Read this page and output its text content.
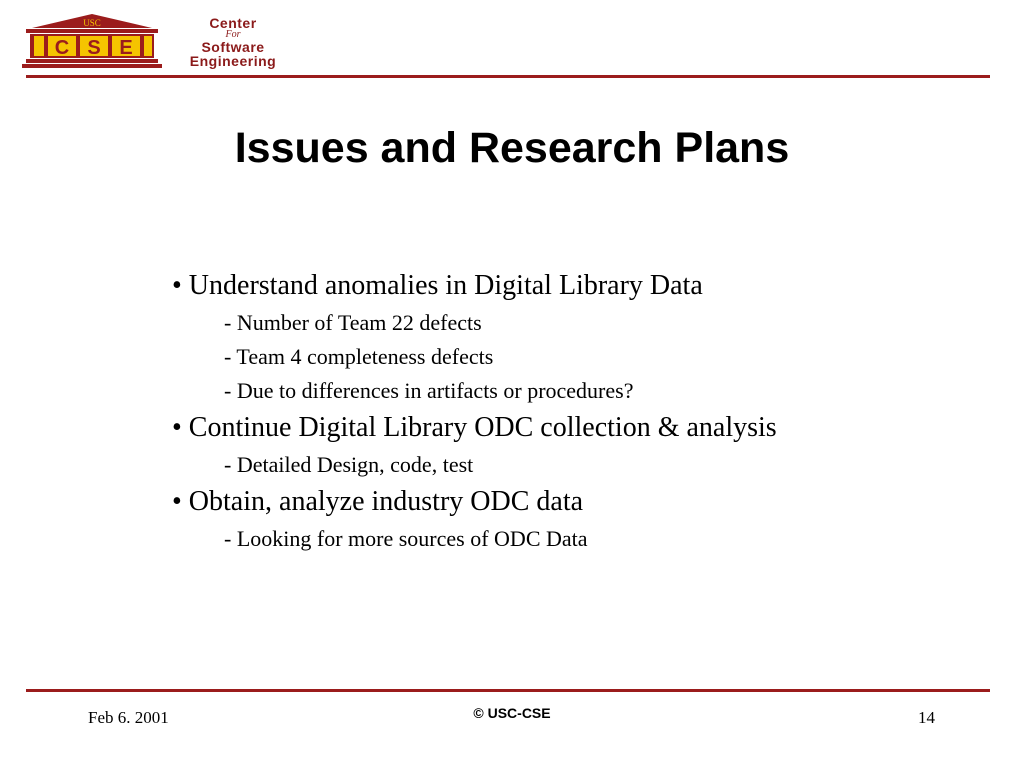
USC
C S E
Center
For
Software
Engineering
Issues and Research Plans

• Understand anomalies in Digital Library Data

- Number of Team 22 defects

- Team 4 completeness defects

- Due to differences in artifacts or procedures?

• Continue Digital Library ODC collection & analysis

- Detailed Design, code, test

• Obtain, analyze industry ODC data

- Looking for more sources of ODC Data

Feb 6. 2001	© USC-CSE	14
